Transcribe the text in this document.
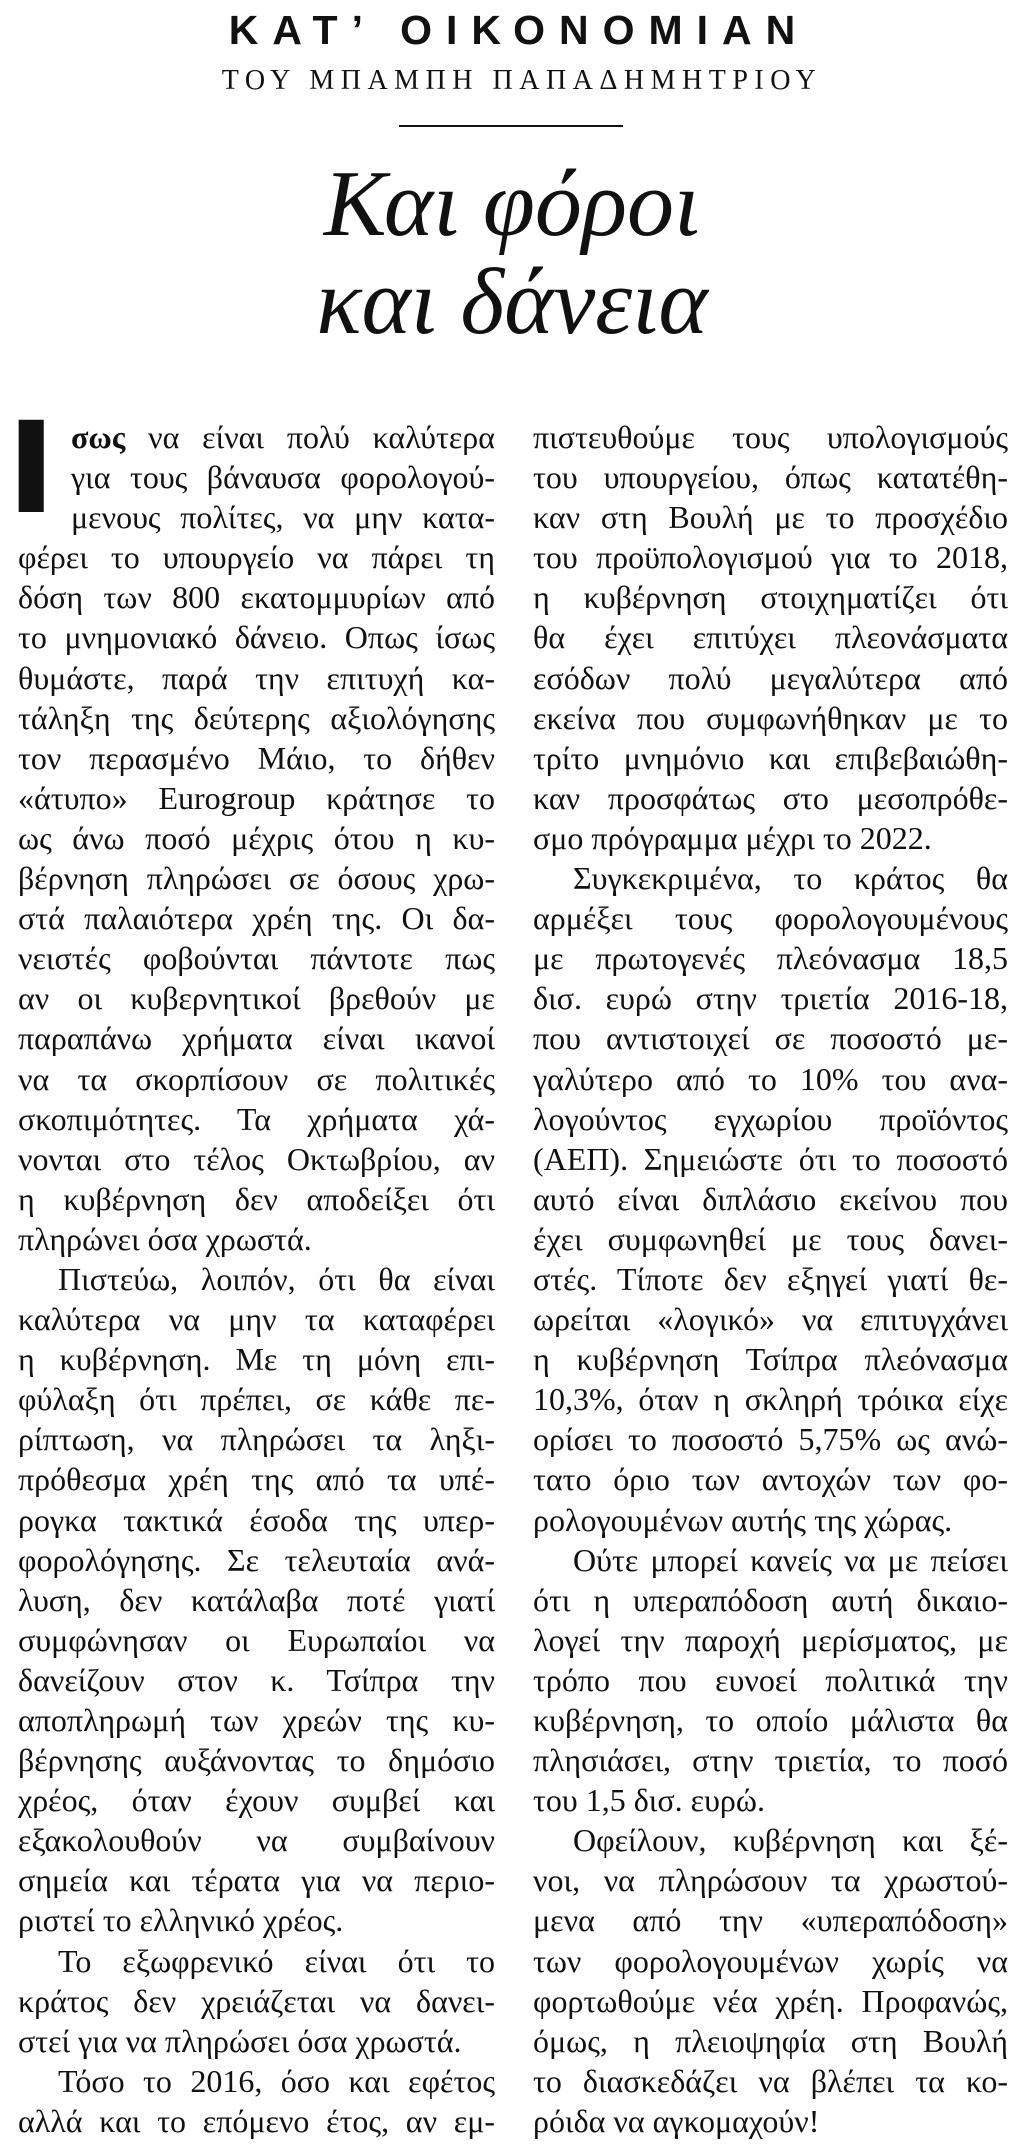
ΚΑΤ’ ΟΙΚΟΝΟΜΙΑΝ
ΤΟΥ ΜΠΑΜΠΗ ΠΑΠΑΔΗΜΗΤΡΙΟΥ
Και φόροι
και δάνεια
Ι σως να είναι πολύ καλύτερα
για τους βάναυσα φορολογού-
μενους πολίτες, να μην κατα-
φέρει το υπουργείο να πάρει τη
δόση των 800 εκατομμυρίων από
το μνημονιακό δάνειο. Οπως ίσως
θυμάστε, παρά την επιτυχή κα-
τάληξη της δεύτερης αξιολόγησης
τον περασμένο Μάιο, το δήθεν
«άτυπο» Eurogroup κράτησε το
ως άνω ποσό μέχρις ότου η κυ-
βέρνηση πληρώσει σε όσους χρω-
στά παλαιότερα χρέη της. Οι δα-
νειστές φοβούνται πάντοτε πως
αν οι κυβερνητικοί βρεθούν με
παραπάνω χρήματα είναι ικανοί
να τα σκορπίσουν σε πολιτικές
σκοπιμότητες. Τα χρήματα χά-
νονται στο τέλος Οκτωβρίου, αν
η κυβέρνηση δεν αποδείξει ότι
πληρώνει όσα χρωστά.
Πιστεύω, λοιπόν, ότι θα είναι
καλύτερα να μην τα καταφέρει
η κυβέρνηση. Με τη μόνη επι-
φύλαξη ότι πρέπει, σε κάθε πε-
ρίπτωση, να πληρώσει τα ληξι-
πρόθεσμα χρέη της από τα υπέ-
ρογκα τακτικά έσοδα της υπερ-
φορολόγησης. Σε τελευταία ανά-
λυση, δεν κατάλαβα ποτέ γιατί
συμφώνησαν οι Ευρωπαίοι να
δανείζουν στον κ. Τσίπρα την
αποπληρωμή των χρεών της κυ-
βέρνησης αυξάνοντας το δημόσιο
χρέος, όταν έχουν συμβεί και
εξακολουθούν να συμβαίνουν
σημεία και τέρατα για να περιο-
ριστεί το ελληνικό χρέος.
Το εξωφρενικό είναι ότι το
κράτος δεν χρειάζεται να δανει-
στεί για να πληρώσει όσα χρωστά.
Τόσο το 2016, όσο και εφέτος
αλλά και το επόμενο έτος, αν εμ-
πιστευθούμε τους υπολογισμούς
του υπουργείου, όπως κατατέθη-
καν στη Βουλή με το προσχέδιο
του προϋπολογισμού για το 2018,
η κυβέρνηση στοιχηματίζει ότι
θα έχει επιτύχει πλεονάσματα
εσόδων πολύ μεγαλύτερα από
εκείνα που συμφωνήθηκαν με το
τρίτο μνημόνιο και επιβεβαιώθη-
καν προσφάτως στο μεσοπρόθε-
σμο πρόγραμμα μέχρι το 2022.
Συγκεκριμένα, το κράτος θα
αρμέξει τους φορολογουμένους
με πρωτογενές πλεόνασμα 18,5
δισ. ευρώ στην τριετία 2016-18,
που αντιστοιχεί σε ποσοστό με-
γαλύτερο από το 10% του ανα-
λογούντος εγχωρίου προϊόντος
(ΑΕΠ). Σημειώστε ότι το ποσοστό
αυτό είναι διπλάσιο εκείνου που
έχει συμφωνηθεί με τους δανει-
στές. Τίποτε δεν εξηγεί γιατί θε-
ωρείται «λογικό» να επιτυγχάνει
η κυβέρνηση Τσίπρα πλεόνασμα
10,3%, όταν η σκληρή τρόικα είχε
ορίσει το ποσοστό 5,75% ως ανώ-
τατο όριο των αντοχών των φο-
ρολογουμένων αυτής της χώρας.
Ούτε μπορεί κανείς να με πείσει
ότι η υπεραπόδοση αυτή δικαιο-
λογεί την παροχή μερίσματος, με
τρόπο που ευνοεί πολιτικά την
κυβέρνηση, το οποίο μάλιστα θα
πλησιάσει, στην τριετία, το ποσό
του 1,5 δισ. ευρώ.
Οφείλουν, κυβέρνηση και ξέ-
νοι, να πληρώσουν τα χρωστού-
μενα από την «υπεραπόδοση»
των φορολογουμένων χωρίς να
φορτωθούμε νέα χρέη. Προφανώς,
όμως, η πλειοψηφία στη Βουλή
το διασκεδάζει να βλέπει τα κο-
ρόιδα να αγκομαχούν!
